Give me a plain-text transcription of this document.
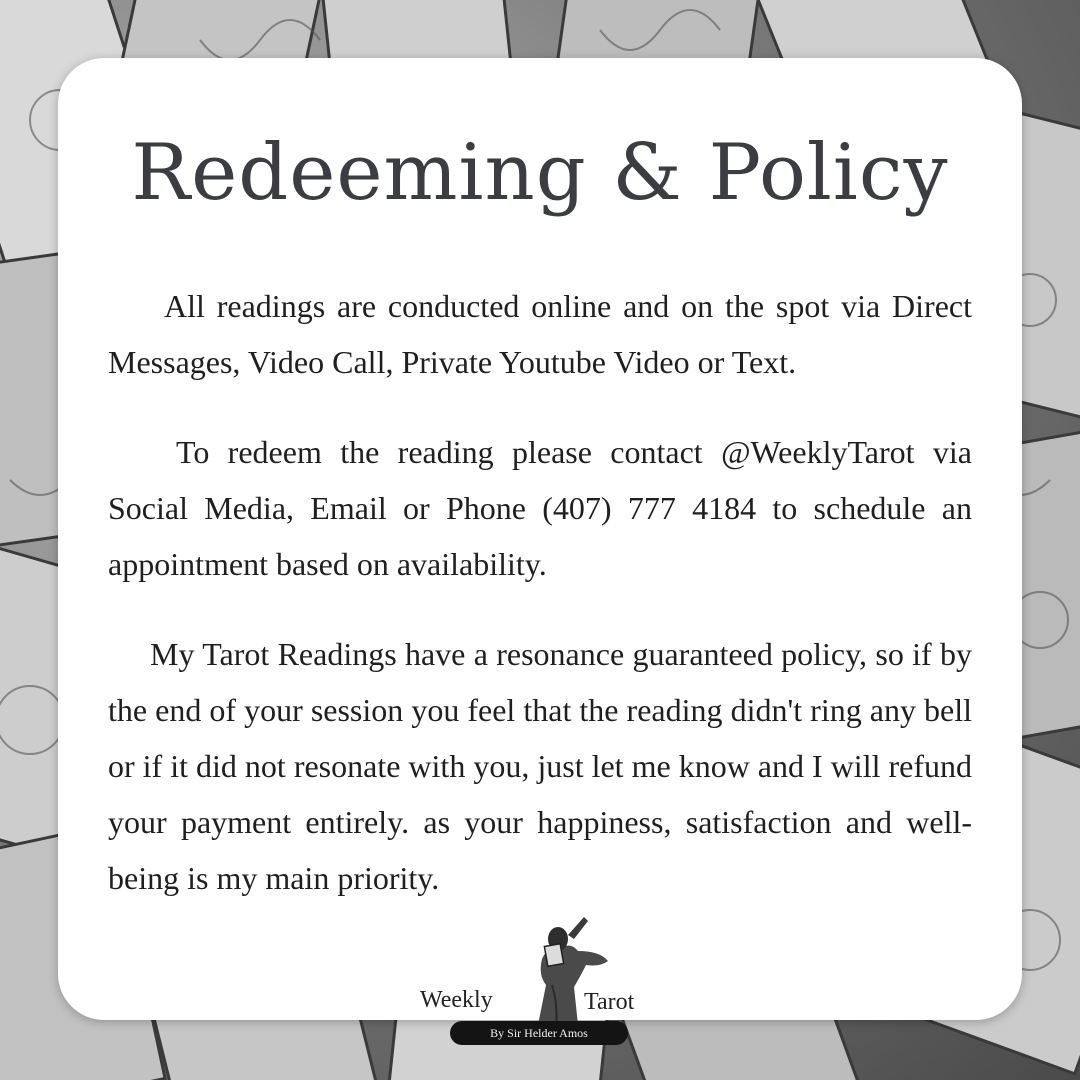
Redeeming & Policy

All readings are conducted online and on the spot via Direct Messages, Video Call, Private Youtube Video or Text.

To redeem the reading please contact @WeeklyTarot via Social Media, Email or Phone (407) 777 4184 to schedule an appointment based on availability.

My Tarot Readings have a resonance guaranteed policy, so if by the end of your session you feel that the reading didn't ring any bell or if it did not resonate with you, just let me know and I will refund your payment entirely. as your happiness, satisfaction and well-being is my main priority.

Weekly	Tarot
By Sir Helder Amos
